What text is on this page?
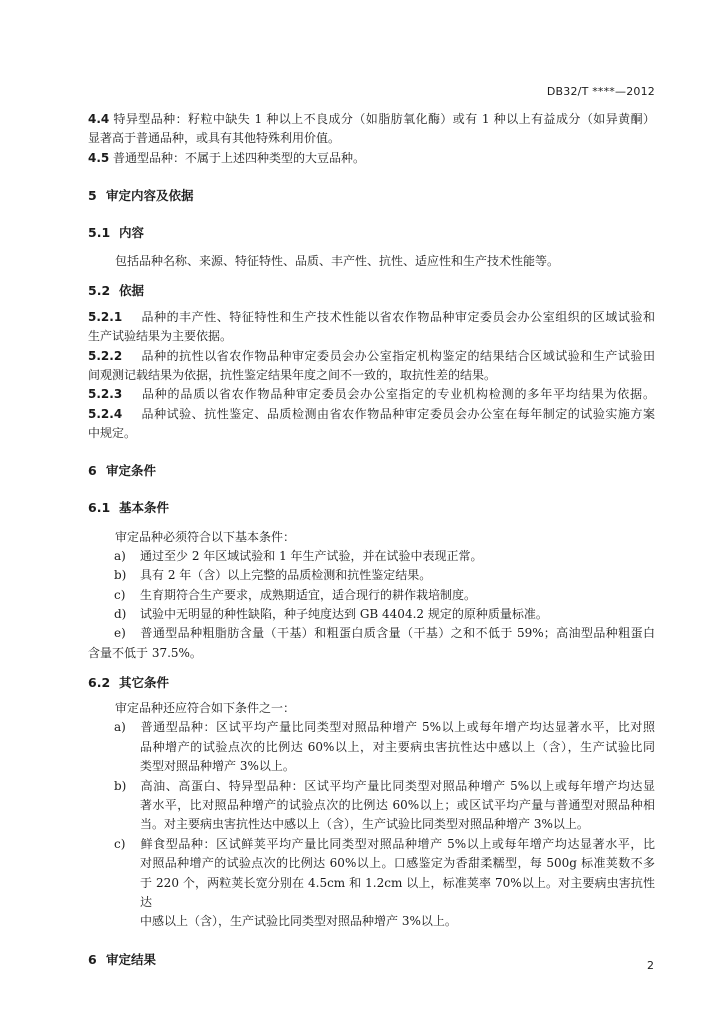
DB32/T ****—2012
4.4 特异型品种：籽粒中缺失 1 种以上不良成分（如脂肪氧化酶）或有 1 种以上有益成分（如异黄酮）
显著高于普通品种，或具有其他特殊利用价值。
4.5 普通型品种：不属于上述四种类型的大豆品种。
5 审定内容及依据
5.1 内容
包括品种名称、来源、特征特性、品质、丰产性、抗性、适应性和生产技术性能等。
5.2 依据
5.2.1 品种的丰产性、特征特性和生产技术性能以省农作物品种审定委员会办公室组织的区域试验和
生产试验结果为主要依据。
5.2.2 品种的抗性以省农作物品种审定委员会办公室指定机构鉴定的结果结合区域试验和生产试验田
间观测记载结果为依据，抗性鉴定结果年度之间不一致的，取抗性差的结果。
5.2.3 品种的品质以省农作物品种审定委员会办公室指定的专业机构检测的多年平均结果为依据。
5.2.4 品种试验、抗性鉴定、品质检测由省农作物品种审定委员会办公室在每年制定的试验实施方案
中规定。
6 审定条件
6.1 基本条件
审定品种必须符合以下基本条件：
a) 通过至少 2 年区域试验和 1 年生产试验，并在试验中表现正常。
b) 具有 2 年（含）以上完整的品质检测和抗性鉴定结果。
c) 生育期符合生产要求，成熟期适宜，适合现行的耕作栽培制度。
d) 试验中无明显的种性缺陷，种子纯度达到 GB 4404.2 规定的原种质量标准。
e) 普通型品种粗脂肪含量（干基）和粗蛋白质含量（干基）之和不低于 59%；高油型品种粗蛋白
含量不低于 37.5%。
6.2 其它条件
审定品种还应符合如下条件之一：
a) 普通型品种：区试平均产量比同类型对照品种增产 5%以上或每年增产均达显著水平，比对照
品种增产的试验点次的比例达 60%以上，对主要病虫害抗性达中感以上（含），生产试验比同
类型对照品种增产 3%以上。
b) 高油、高蛋白、特异型品种：区试平均产量比同类型对照品种增产 5%以上或每年增产均达显
著水平，比对照品种增产的试验点次的比例达 60%以上；或区试平均产量与普通型对照品种相
当。对主要病虫害抗性达中感以上（含），生产试验比同类型对照品种增产 3%以上。
c) 鲜食型品种：区试鲜荚平均产量比同类型对照品种增产 5%以上或每年增产均达显著水平，比
对照品种增产的试验点次的比例达 60%以上。口感鉴定为香甜柔糯型，每 500g 标准荚数不多
于 220 个，两粒荚长宽分别在 4.5cm 和 1.2cm 以上，标准荚率 70%以上。对主要病虫害抗性达
中感以上（含），生产试验比同类型对照品种增产 3%以上。
6 审定结果	2
